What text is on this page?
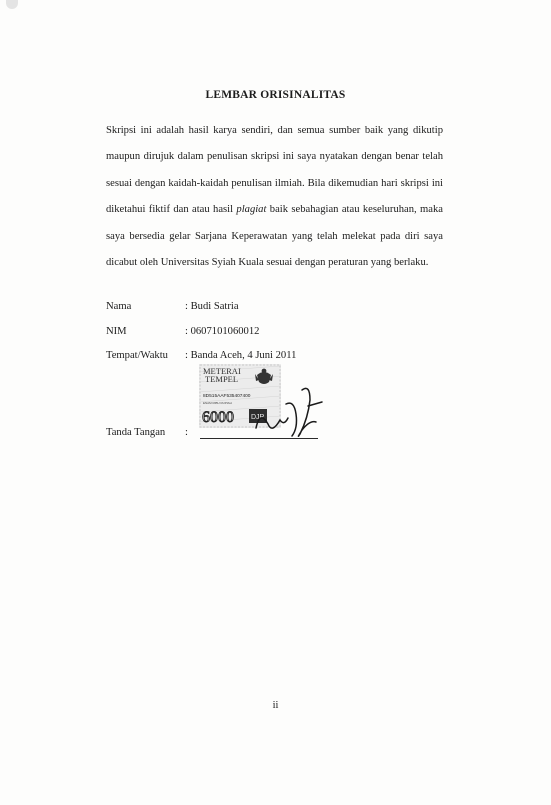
LEMBAR ORISINALITAS
Skripsi ini adalah hasil karya sendiri, dan semua sumber baik yang dikutip
maupun dirujuk dalam penulisan skripsi ini saya nyatakan dengan benar telah
sesuai dengan kaidah-kaidah penulisan ilmiah. Bila dikemudian hari skripsi ini
diketahui fiktif dan atau hasil plagiat baik sebahagian atau keseluruhan, maka
saya bersedia gelar Sarjana Keperawatan yang telah melekat pada diri saya
dicabut oleh Universitas Syiah Kuala sesuai dengan peraturan yang berlaku.
Nama	: Budi Satria
NIM	: 0607101060012
Tempat/Waktu : Banda Aceh, 4 Juni 2011
Tanda Tangan :
METERAI
TEMPEL
8D515AAF535407400
ENAM RIBU RUPIAH
6000 DJP
ii
